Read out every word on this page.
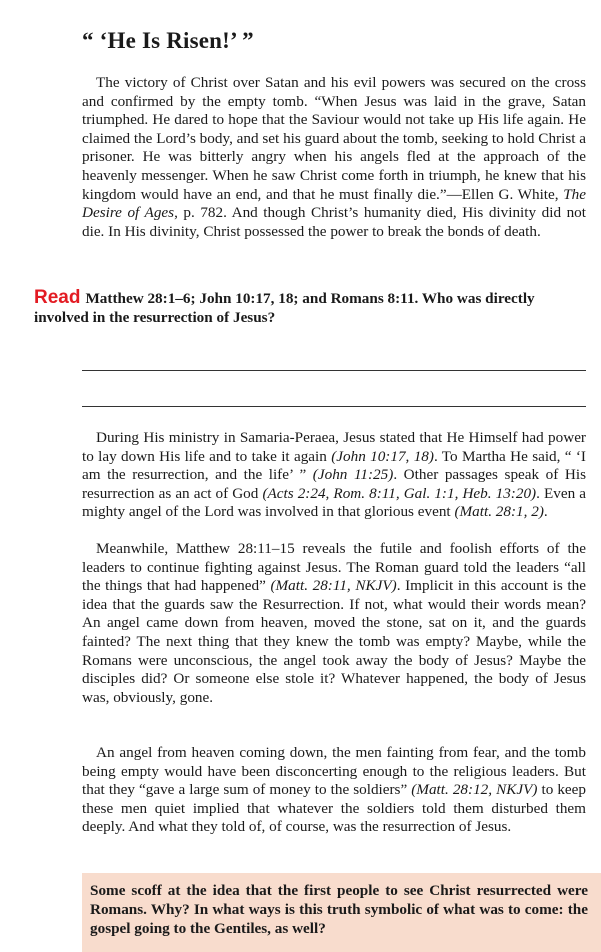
“ ‘He Is Risen!’ ”

The victory of Christ over Satan and his evil powers was secured on the cross and confirmed by the empty tomb. “When Jesus was laid in the grave, Satan triumphed. He dared to hope that the Saviour would not take up His life again. He claimed the Lord’s body, and set his guard about the tomb, seeking to hold Christ a prisoner. He was bitterly angry when his angels fled at the approach of the heavenly messenger. When he saw Christ come forth in triumph, he knew that his kingdom would have an end, and that he must finally die.”—Ellen G. White, The Desire of Ages, p. 782. And though Christ’s humanity died, His divinity did not die. In His divinity, Christ possessed the power to break the bonds of death.

Read Matthew 28:1–6; John 10:17, 18; and Romans 8:11. Who was directly involved in the resurrection of Jesus?

During His ministry in Samaria-Peraea, Jesus stated that He Himself had power to lay down His life and to take it again (John 10:17, 18). To Martha He said, “ ‘I am the resurrection, and the life’ ” (John 11:25). Other passages speak of His resurrection as an act of God (Acts 2:24, Rom. 8:11, Gal. 1:1, Heb. 13:20). Even a mighty angel of the Lord was involved in that glorious event (Matt. 28:1, 2).

Meanwhile, Matthew 28:11–15 reveals the futile and foolish efforts of the leaders to continue fighting against Jesus. The Roman guard told the leaders “all the things that had happened” (Matt. 28:11, NKJV). Implicit in this account is the idea that the guards saw the Resurrection. If not, what would their words mean? An angel came down from heaven, moved the stone, sat on it, and the guards fainted? The next thing that they knew the tomb was empty? Maybe, while the Romans were unconscious, the angel took away the body of Jesus? Maybe the disciples did? Or someone else stole it? Whatever happened, the body of Jesus was, obviously, gone.

An angel from heaven coming down, the men fainting from fear, and the tomb being empty would have been disconcerting enough to the religious leaders. But that they “gave a large sum of money to the soldiers” (Matt. 28:12, NKJV) to keep these men quiet implied that whatever the soldiers told them disturbed them deeply. And what they told of, of course, was the resurrection of Jesus.

Some scoff at the idea that the first people to see Christ resurrected were Romans. Why? In what ways is this truth symbolic of what was to come: the gospel going to the Gentiles, as well?
